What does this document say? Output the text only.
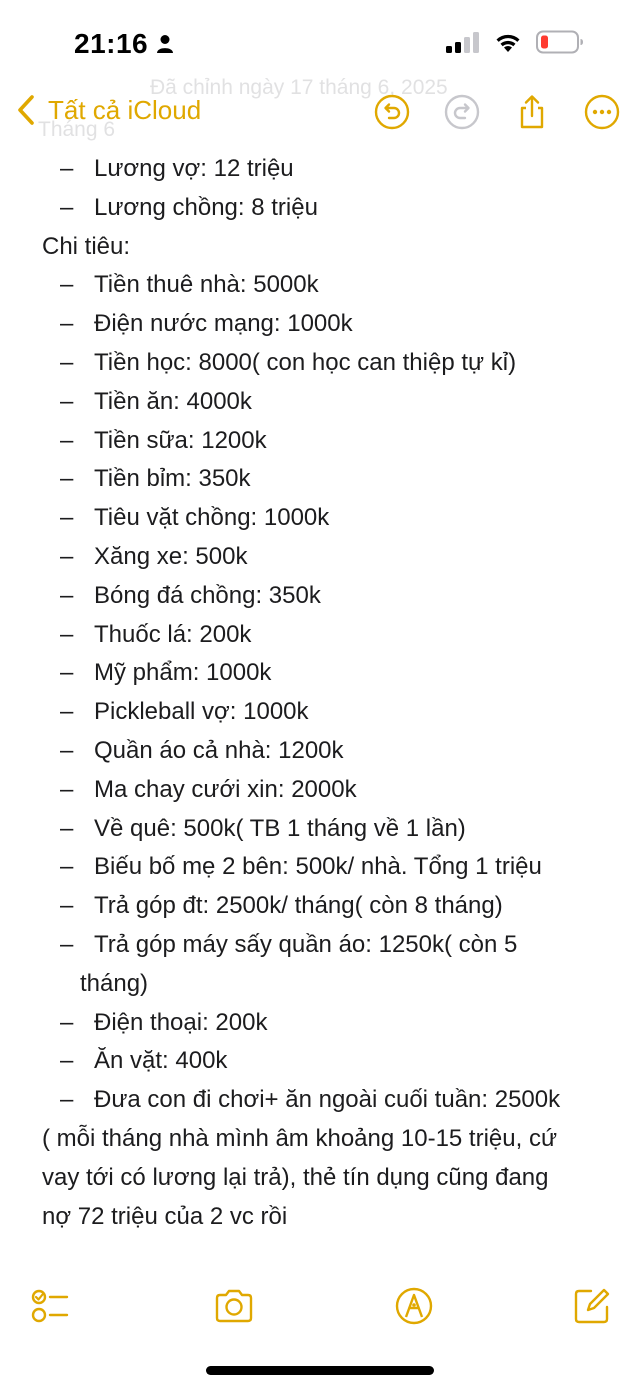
21:16
Đã chỉnh ngày 17 tháng 6, 2025
Tháng 6
Tất cả iCloud
– Lương vợ: 12 triệu
– Lương chồng: 8 triệu
Chi tiêu:
– Tiền thuê nhà: 5000k
– Điện nước mạng: 1000k
– Tiền học: 8000( con học can thiệp tự kỉ)
– Tiền ăn: 4000k
– Tiền sữa: 1200k
– Tiền bỉm: 350k
– Tiêu vặt chồng: 1000k
– Xăng xe: 500k
– Bóng đá chồng: 350k
– Thuốc lá: 200k
– Mỹ phẩm: 1000k
– Pickleball vợ: 1000k
– Quần áo cả nhà: 1200k
– Ma chay cưới xin: 2000k
– Về quê: 500k( TB 1 tháng về 1 lần)
– Biếu bố mẹ 2 bên: 500k/ nhà. Tổng 1 triệu
– Trả góp đt: 2500k/ tháng( còn 8 tháng)
– Trả góp máy sấy quần áo: 1250k( còn 5
tháng)
– Điện thoại: 200k
– Ăn vặt: 400k
– Đưa con đi chơi+ ăn ngoài cuối tuần: 2500k
( mỗi tháng nhà mình âm khoảng 10-15 triệu, cứ
vay tới có lương lại trả), thẻ tín dụng cũng đang
nợ 72 triệu của 2 vc rồi
